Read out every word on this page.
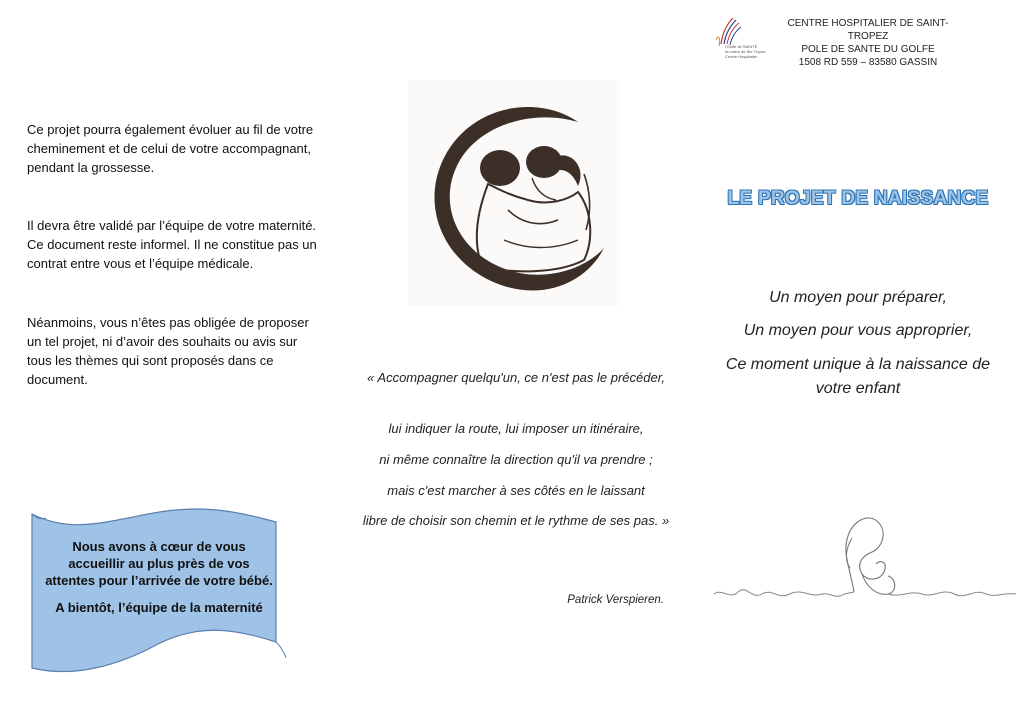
l'Golfe de SAINTE
au cœur de Ste Tropez
Centre Hospitalier
CENTRE HOSPITALIER DE SAINT-TROPEZ
POLE DE SANTE DU GOLFE
1508 RD 559 – 83580 GASSIN
Ce projet pourra également évoluer au fil de votre cheminement et de celui de votre accompagnant, pendant la grossesse.
Il devra être validé par l’équipe de votre maternité. Ce document reste informel. Il ne constitue pas un contrat entre vous et l’équipe médicale.
Néanmoins, vous n’êtes pas obligée de proposer un tel projet, ni d’avoir des souhaits ou avis sur tous les thèmes qui sont proposés dans ce document.

Nous avons à cœur de vous accueillir au plus près de vos attentes pour l’arrivée de votre bébé.

A bientôt, l’équipe de la maternité

« Accompagner quelqu'un, ce n'est pas le précéder,
lui indiquer la route, lui imposer un itinéraire,
ni même connaître la direction qu'il va prendre ;
mais c'est marcher à ses côtés en le laissant
libre de choisir son chemin et le rythme de ses pas. »
Patrick Verspieren.
LE PROJET DE NAISSANCE
Un moyen pour préparer,
Un moyen pour vous approprier,
Ce moment unique à la naissance de votre enfant
